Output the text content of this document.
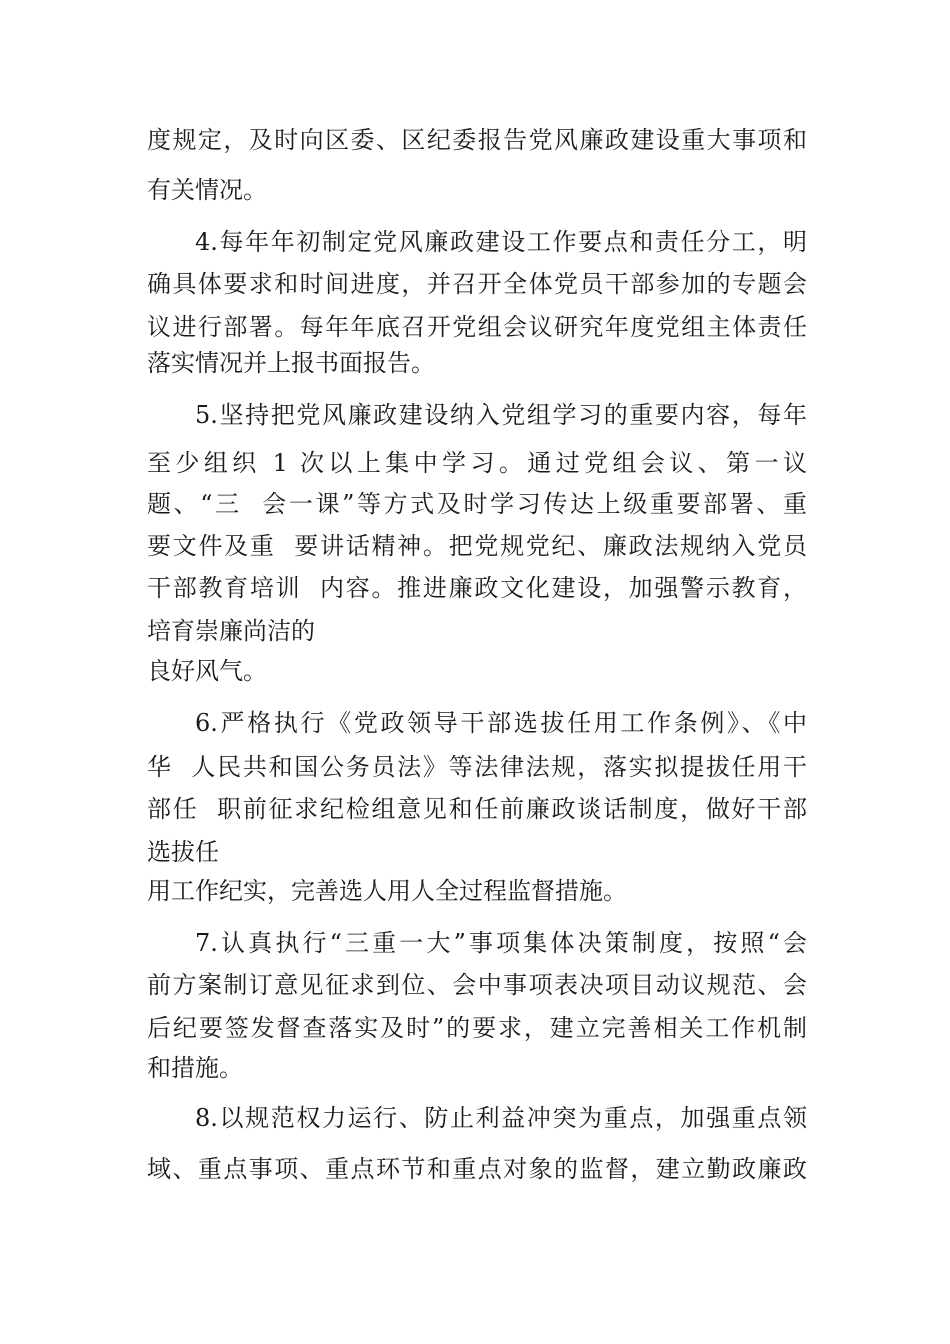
度规定，及时向区委、区纪委报告党风廉政建设重大事项和
有关情况。
4.每年年初制定党风廉政建设工作要点和责任分工，明
确具体要求和时间进度，并召开全体党员干部参加的专题会
议进行部署。每年年底召开党组会议研究年度党组主体责任
落实情况并上报书面报告。
5.坚持把党风廉政建设纳入党组学习的重要内容，每年
至少组织 1 次以上集中学习。通过党组会议、第一议
题、“三  会一课”等方式及时学习传达上级重要部署、重
要文件及重  要讲话精神。把党规党纪、廉政法规纳入党员
干部教育培训  内容。推进廉政文化建设，加强警示教育，
培育崇廉尚洁的
良好风气。
6.严格执行《党政领导干部选拔任用工作条例》、《中
华  人民共和国公务员法》等法律法规，落实拟提拔任用干
部任  职前征求纪检组意见和任前廉政谈话制度，做好干部
选拔任
用工作纪实，完善选人用人全过程监督措施。
7.认真执行“三重一大”事项集体决策制度，按照“会
前方案制订意见征求到位、会中事项表决项目动议规范、会
后纪要签发督查落实及时”的要求，建立完善相关工作机制
和措施。
8.以规范权力运行、防止利益冲突为重点，加强重点领
域、重点事项、重点环节和重点对象的监督，建立勤政廉政
